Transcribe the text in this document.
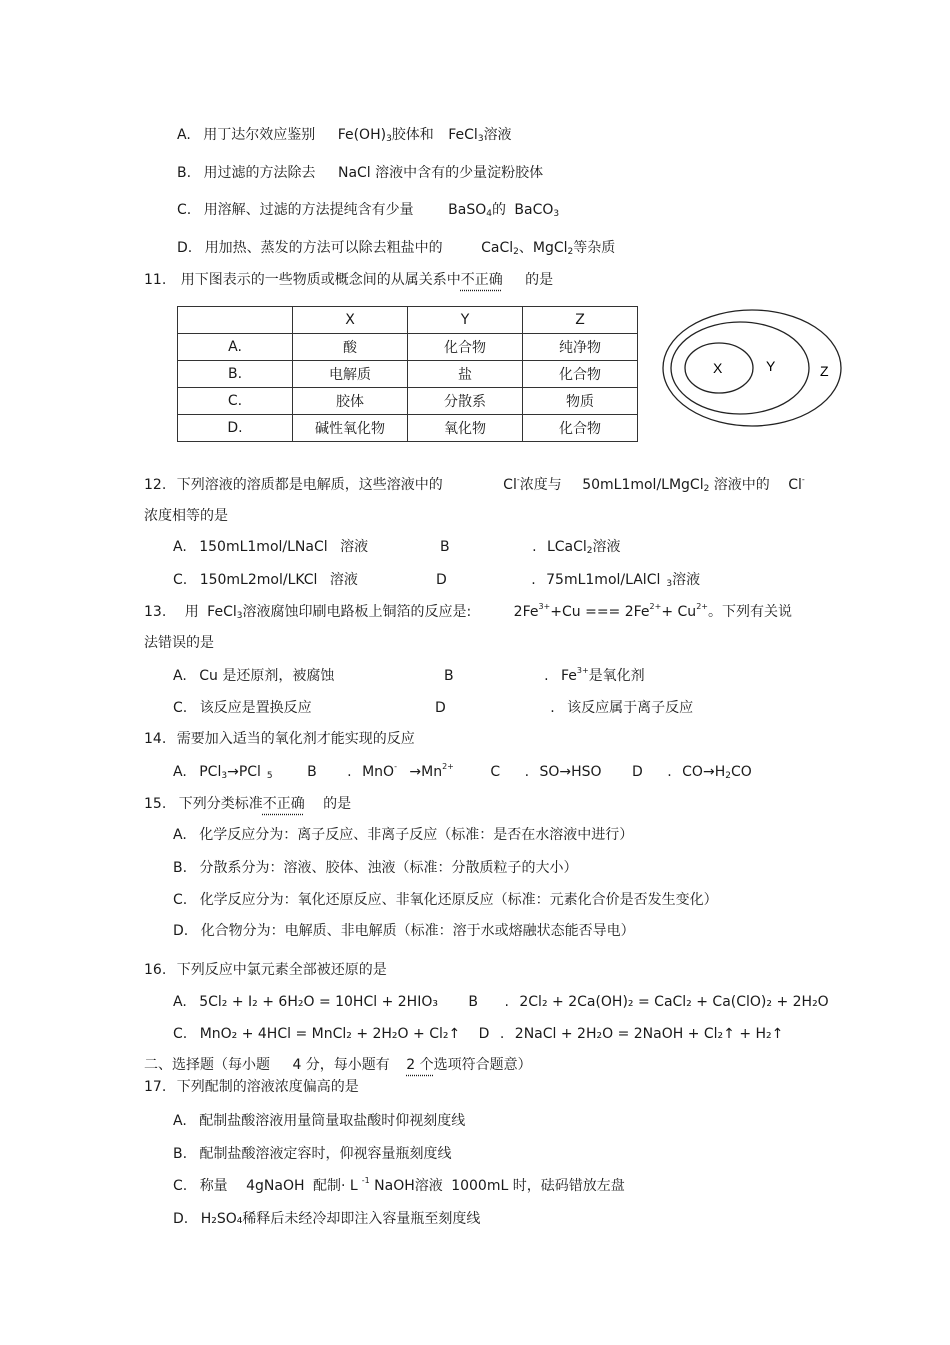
A. 用丁达尔效应鉴别 $Fe(OH)_3$胶体和 FeCl$_3$溶液
B. 用过滤的方法除去 NaCl 溶液中含有的少量淀粉胶体
C. 用溶解、过滤的方法提纯含有少量 BaSO$_4$的 BaCO$_3$
D. 用加热、蒸发的方法可以除去粗盐中的	CaCl$_2$、MgCl$_2$等杂质
11. 用下图表示的一些物质或概念间的从属关系中不正确 的是
	X	Y	Z
A.	酸	化合物	纯净物
B.	电解质	盐	化合物
C.	胶体	分散系	物质
D.	碱性氧化物	氧化物	化合物
X	Y	Z
12. 下列溶液的溶质都是电解质，这些溶液中的	Cl-浓度与 50mL1mol/LMgCl$_2$ 溶液中的 Cl-
浓度相等的是
A. 150mL1mol/LNaCl 溶液	B	. LCaCl$_2$溶液
C. 150mL2mol/LKCl 溶液	D	. 75mL1mol/LAlCl $_3$溶液
13. 用 FeCl$_3$溶液腐蚀印刷电路板上铜箔的反应是:	$2Fe^{3+}+Cu$ === $2Fe^{2+}+ Cu^{2+}$。下列有关说
法错误的是
A. Cu 是还原剂，被腐蚀	B	. $Fe^{3+}$是氧化剂
C. 该反应是置换反应	D	. 该反应属于离子反应
14. 需要加入适当的氧化剂才能实现的反应
A. PCl$_3$→PCl $_5$ B . $MnO^- \to Mn^{2+}$	C . SO→HSO D . $CO\to H_2CO$
15. 下列分类标准不正确 的是
A. 化学反应分为：离子反应、非离子反应（标准：是否在水溶液中进行）
B. 分散系分为：溶液、胶体、浊液（标准：分散质粒子的大小）
C. 化学反应分为：氧化还原反应、非氧化还原反应（标准：元素化合价是否发生变化）
D. 化合物分为：电解质、非电解质（标准：溶于水或熔融状态能否导电）
16. 下列反应中氯元素全部被还原的是
A. 5Cl₂ + I₂ + 6H₂O = 10HCl + 2HIO₃ B . 2Cl₂ + 2Ca(OH)₂ = CaCl₂ + Ca(ClO)₂ + 2H₂O
C. MnO₂ + 4HCl = MnCl₂ + 2H₂O + Cl₂↑ D . 2NaCl + 2H₂O = 2NaOH + Cl₂↑ + H₂↑
二、选择题（每小题 4 分，每小题有 2 个选项符合题意）
17. 下列配制的溶液浓度偏高的是
A. 配制盐酸溶液用量筒量取盐酸时仰视刻度线
B. 配制盐酸溶液定容时，仰视容量瓶刻度线
C. 称量 4gNaOH 配制· L $^{-1}$ NaOH溶液 1000mL 时，砝码错放左盘
D. H₂SO₄稀释后未经冷却即注入容量瓶至刻度线
